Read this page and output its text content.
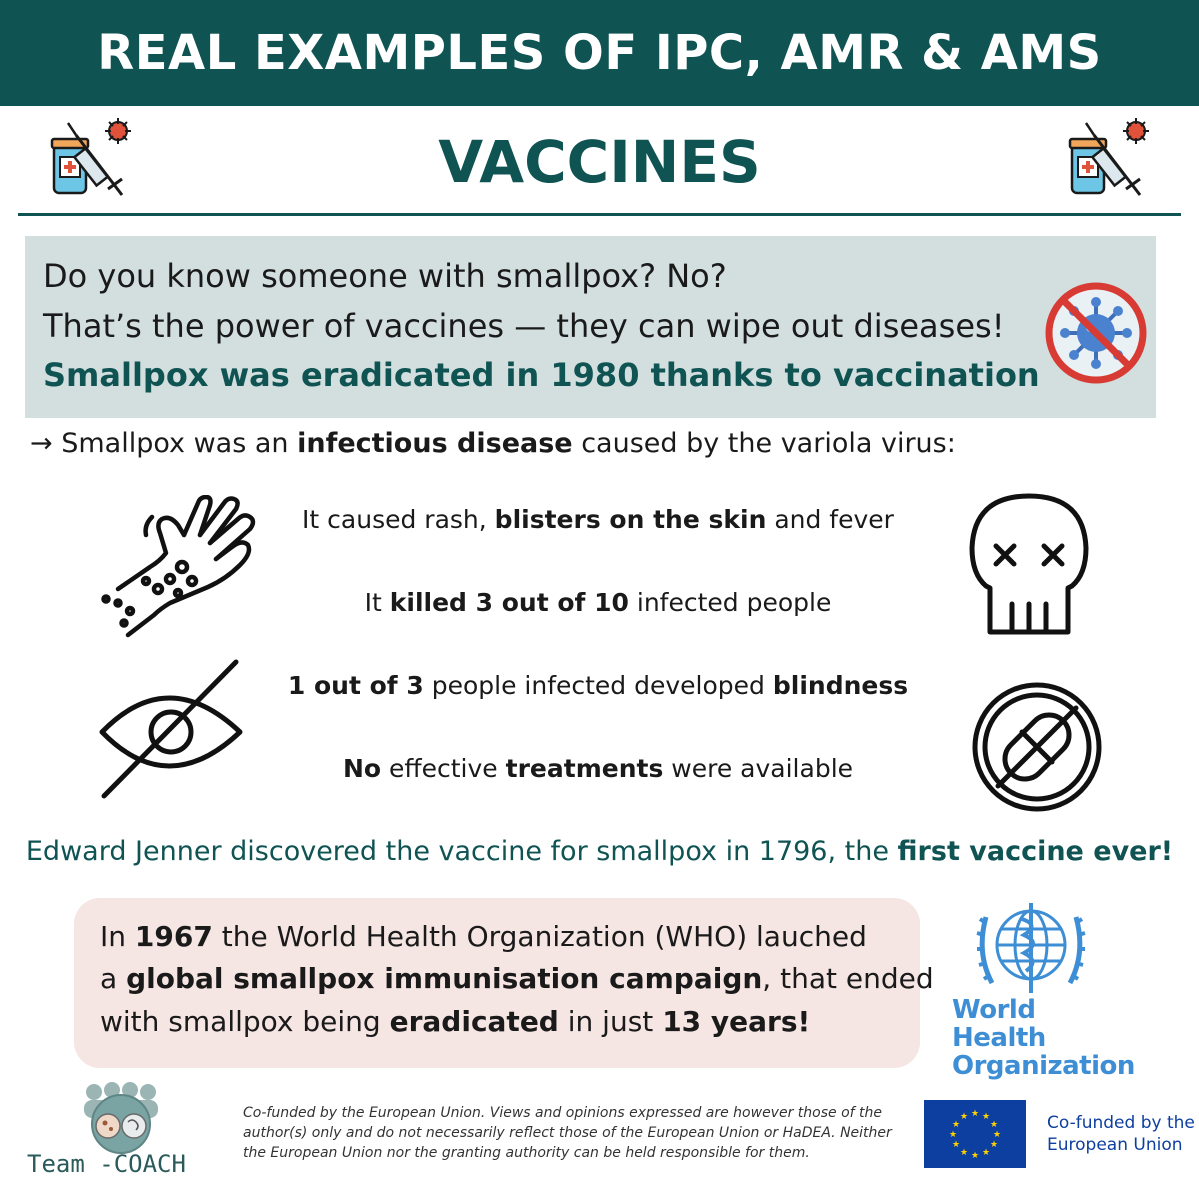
REAL EXAMPLES OF IPC, AMR & AMS
VACCINES
Do you know someone with smallpox? No?
That’s the power of vaccines — they can wipe out diseases!
Smallpox was eradicated in 1980 thanks to vaccination
→ Smallpox was an infectious disease caused by the variola virus:
It caused rash, blisters on the skin and fever
It killed 3 out of 10 infected people
1 out of 3 people infected developed blindness
No effective treatments were available
Edward Jenner discovered the vaccine for smallpox in 1796, the first vaccine ever!
In 1967 the World Health Organization (WHO) lauched
a global smallpox immunisation campaign, that ended
with smallpox being eradicated in just 13 years!	World Health
Organization
Team -COACH
Co-funded by the European Union. Views and opinions expressed are however those of the author(s) only and do not necessarily reflect those of the European Union or HaDEA. Neither the European Union nor the granting authority can be held responsible for them.
★ ★
★
★
★
★
★
★
★
★
★
★	Co-funded by the
European Union
